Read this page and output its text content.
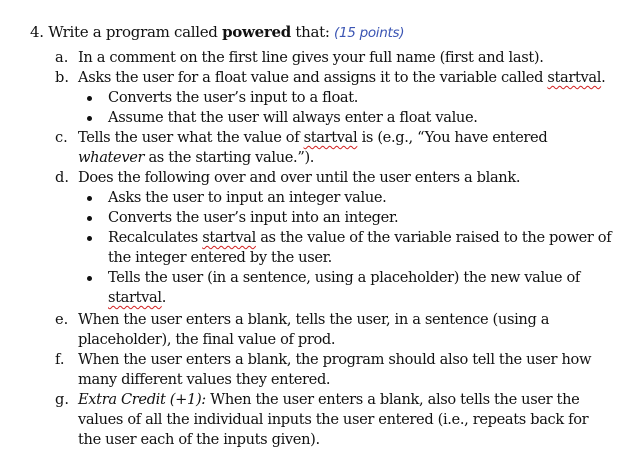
4. Write a program called powered that: (15 points)
a. In a comment on the first line gives your full name (first and last).
b. Asks the user for a float value and assigns it to the variable called startval.
Converts the user’s input to a float.
Assume that the user will always enter a float value.
c. Tells the user what the value of startval is (e.g., “You have entered
whatever as the starting value.”).
d. Does the following over and over until the user enters a blank.
Asks the user to input an integer value.
Converts the user’s input into an integer.
Recalculates startval as the value of the variable raised to the power of
the integer entered by the user.
Tells the user (in a sentence, using a placeholder) the new value of
startval.
e. When the user enters a blank, tells the user, in a sentence (using a
placeholder), the final value of prod.
f. When the user enters a blank, the program should also tell the user how
many different values they entered.
g. Extra Credit (+1): When the user enters a blank, also tells the user the
values of all the individual inputs the user entered (i.e., repeats back for
the user each of the inputs given).
